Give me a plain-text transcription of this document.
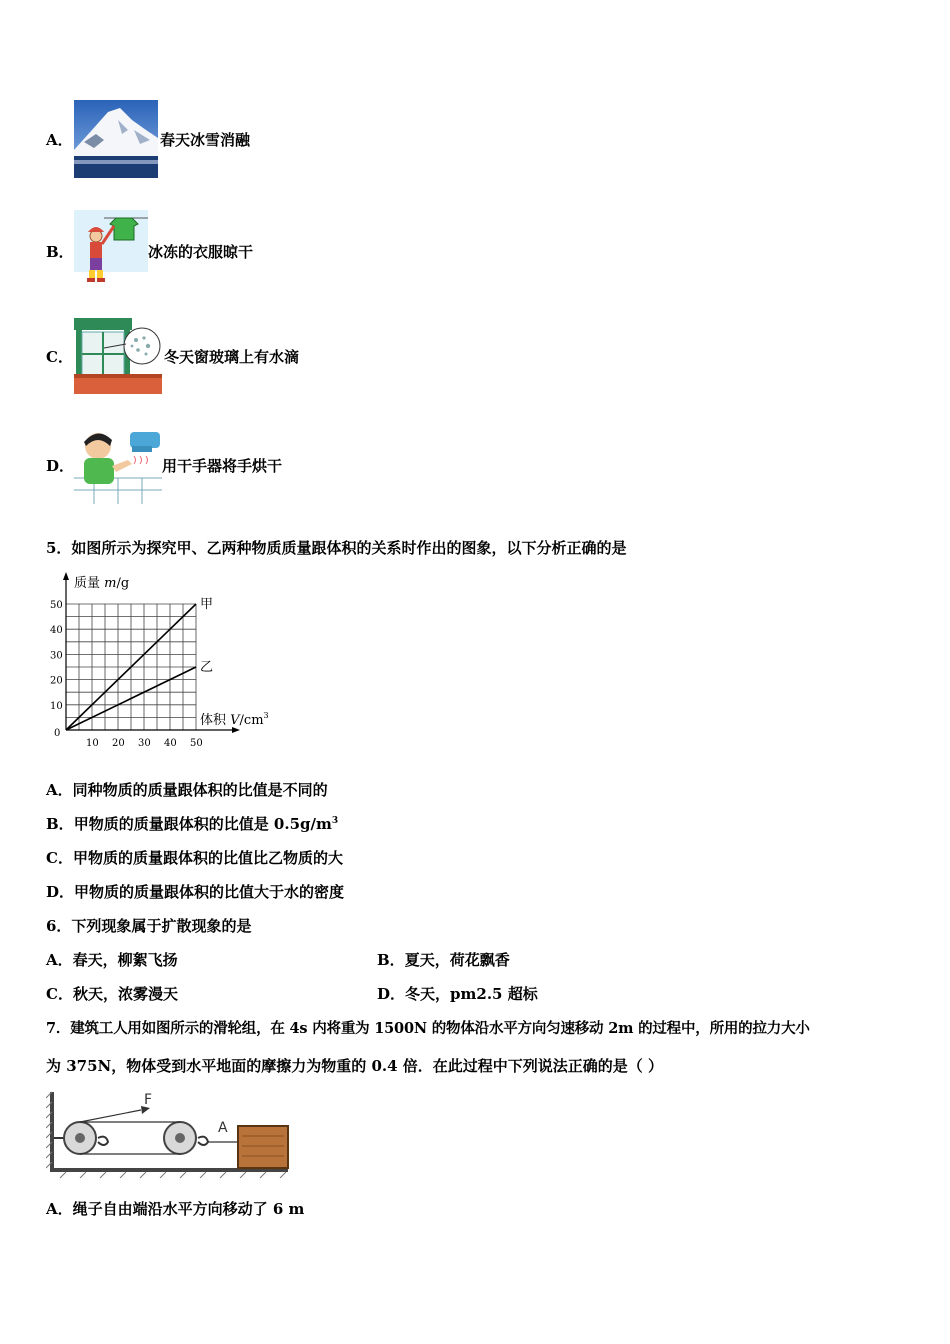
A．	春天冰雪消融
B．	冰冻的衣服晾干
C．	冬天窗玻璃上有水滴
D．	用干手器将手烘干
5．如图所示为探究甲、乙两种物质质量跟体积的关系时作出的图象，以下分析正确的是
甲
乙
10 20 30 40 50
10
20
30
40
50
0
质量 m/g
体积 $V/cm^3$
A．同种物质的质量跟体积的比值是不同的
B．甲物质的质量跟体积的比值是 $0.5g/m^3$
C．甲物质的质量跟体积的比值比乙物质的大
D．甲物质的质量跟体积的比值大于水的密度
6．下列现象属于扩散现象的是
A．春天，柳絮飞扬	B．夏天，荷花飘香
C．秋天，浓雾漫天	D．冬天，pm2.5 超标
7．建筑工人用如图所示的滑轮组，在 4s 内将重为 1500N 的物体沿水平方向匀速移动 2m 的过程中，所用的拉力大小
为 375N，物体受到水平地面的摩擦力为物重的 0.4 倍．在此过程中下列说法正确的是（ ）
F
A
A．绳子自由端沿水平方向移动了 6 m
